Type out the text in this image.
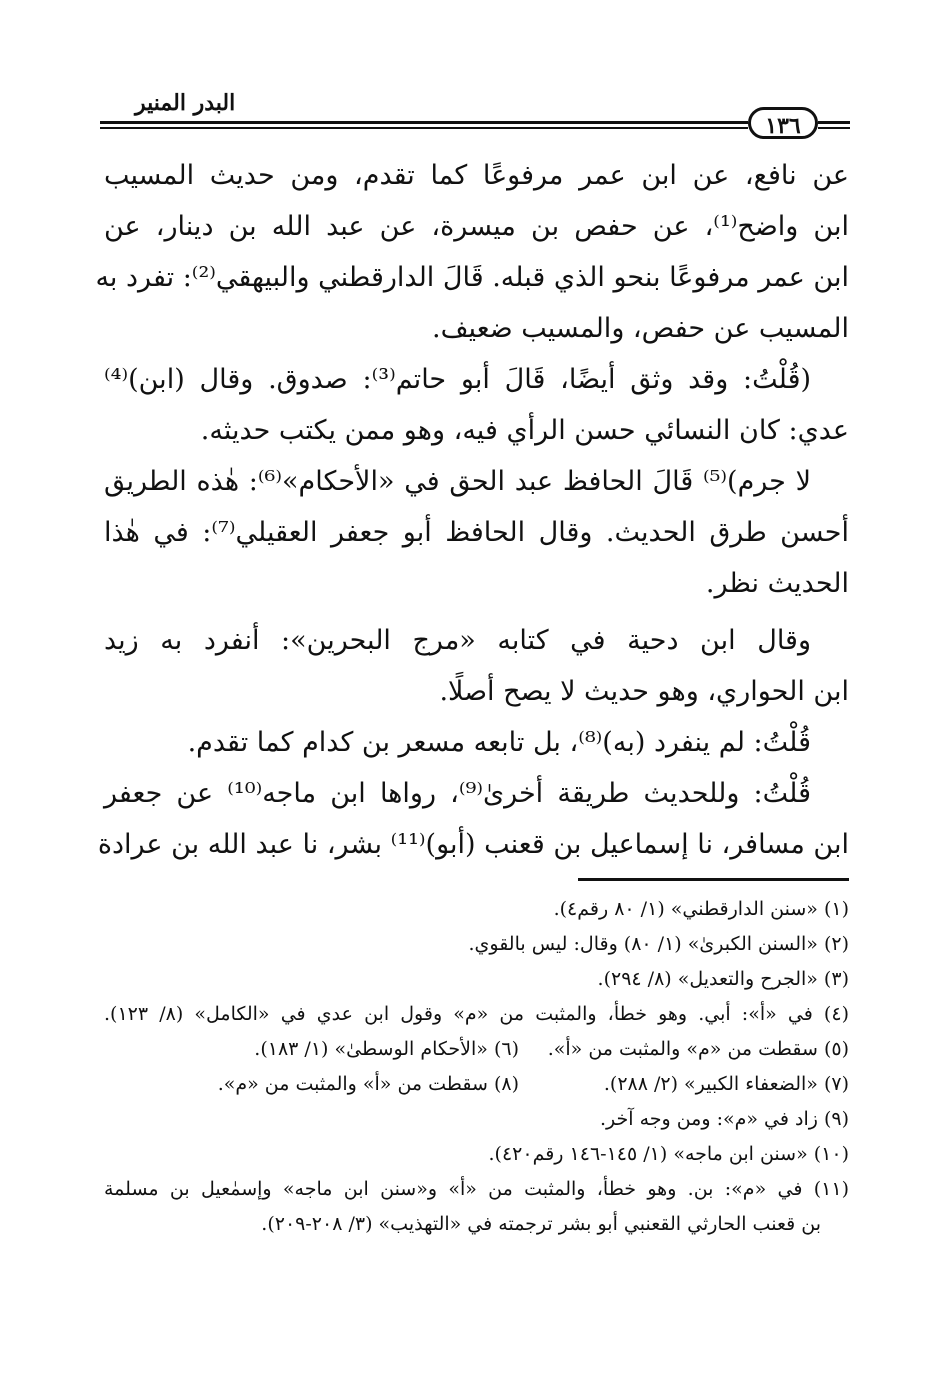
البدر المنير
١٣٦
عن نافع، عن ابن عمر مرفوعًا كما تقدم، ومن حديث المسيب
ابن واضح⁽¹⁾، عن حفص بن ميسرة، عن عبد الله بن دينار، عن
ابن عمر مرفوعًا بنحو الذي قبله. قَالَ الدارقطني والبيهقي⁽²⁾: تفرد به
المسيب عن حفص، والمسيب ضعيف.
(قُلْتُ: وقد وثق أيضًا، قَالَ أبو حاتم⁽³⁾: صدوق. وقال (ابن)⁽⁴⁾
عدي: كان النسائي حسن الرأي فيه، وهو ممن يكتب حديثه.
لا جرم)⁽⁵⁾ قَالَ الحافظ عبد الحق في «الأحكام»⁽⁶⁾: هٰذه الطريق
أحسن طرق الحديث. وقال الحافظ أبو جعفر العقيلي⁽⁷⁾: في هٰذا
الحديث نظر.
وقال ابن دحية في كتابه «مرج البحرين»: أنفرد به زيد
ابن الحواري، وهو حديث لا يصح أصلًا.
قُلْتُ: لم ينفرد (به)⁽⁸⁾، بل تابعه مسعر بن كدام كما تقدم.
قُلْتُ: وللحديث طريقة أخرىٰ⁽⁹⁾، رواها ابن ماجه⁽¹⁰⁾ عن جعفر
ابن مسافر، نا إسماعيل بن قعنب (أبو)⁽¹¹⁾ بشر، نا عبد الله بن عرادة
(١) «سنن الدارقطني» (١/ ٨٠ رقم٤).
(٢) «السنن الكبرىٰ» (١/ ٨٠) وقال: ليس بالقوي.
(٣) «الجرح والتعديل» (٨/ ٢٩٤).
(٤) في «أ»: أبي. وهو خطأ، والمثبت من «م» وقول ابن عدي في «الكامل» (٨/ ١٢٣).
(٥) سقطت من «م» والمثبت من «أ».
(٦) «الأحكام الوسطىٰ» (١/ ١٨٣).
(٧) «الضعفاء الكبير» (٢/ ٢٨٨).
(٨) سقطت من «أ» والمثبت من «م».
(٩) زاد في «م»: ومن وجه آخر.
(١٠) «سنن ابن ماجه» (١/ ١٤٥-١٤٦ رقم٤٢٠).
(١١) في «م»: بن. وهو خطأ، والمثبت من «أ» و«سنن ابن ماجه» وإسمٰعيل بن مسلمة
بن قعنب الحارثي القعنبي أبو بشر ترجمته في «التهذيب» (٣/ ٢٠٨-٢٠٩).
